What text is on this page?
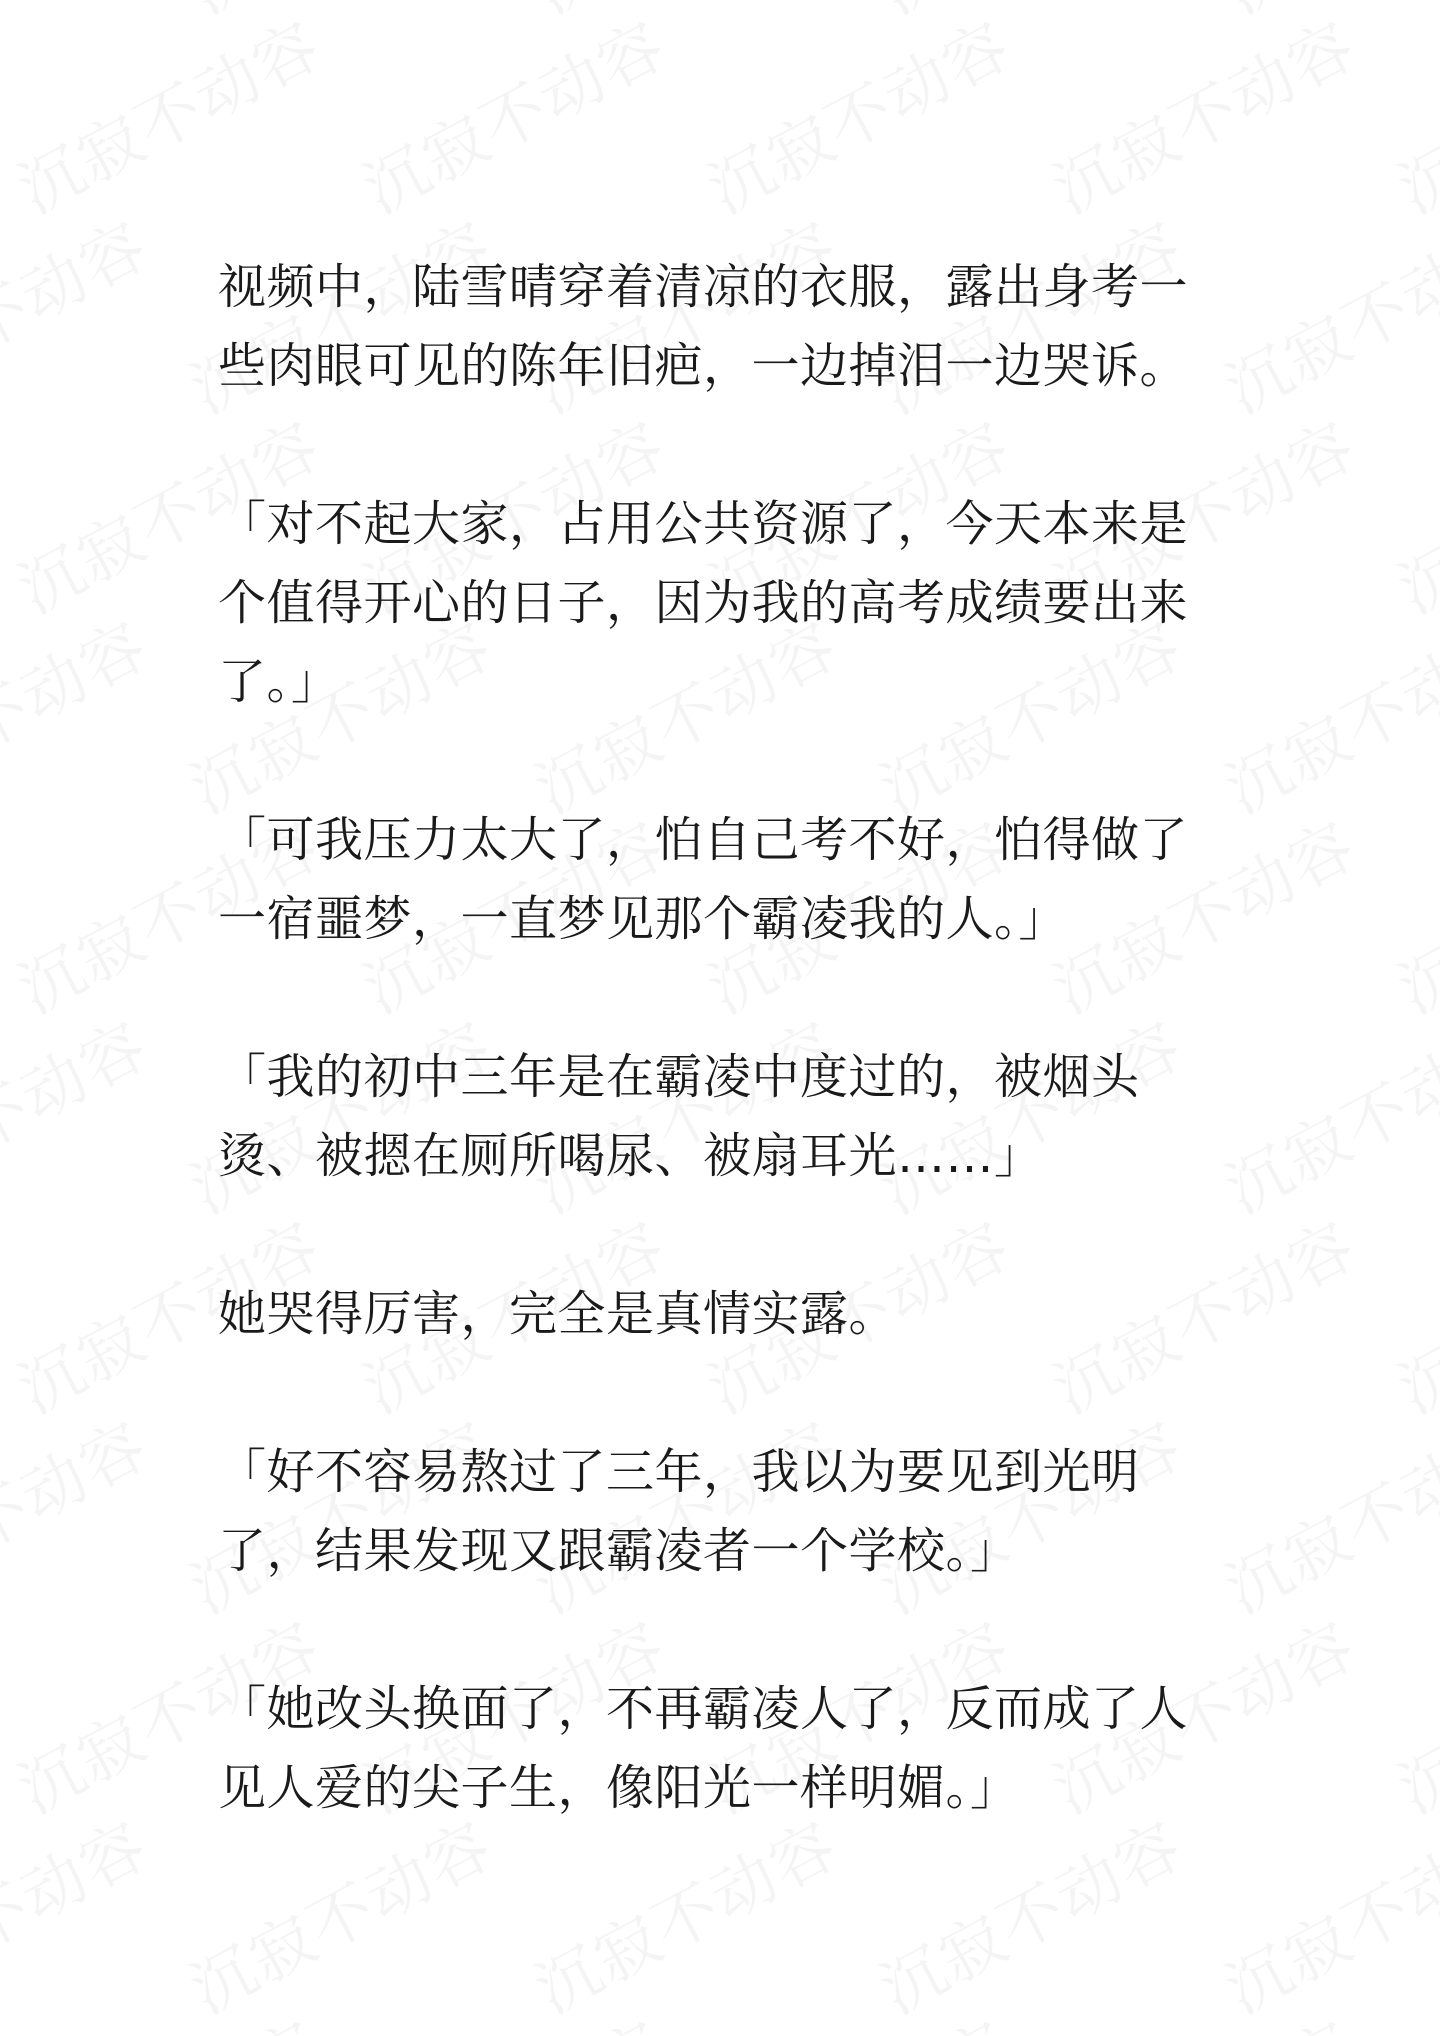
视频中，陆雪晴穿着清凉的衣服，露出身考一些肉眼可见的陈年旧疤，一边掉泪一边哭诉。

「对不起大家，占用公共资源了，今天本来是个值得开心的日子，因为我的高考成绩要出来了。」

「可我压力太大了，怕自己考不好，怕得做了一宿噩梦，一直梦见那个霸凌我的人。」

「我的初中三年是在霸凌中度过的，被烟头烫、被摁在厕所喝尿、被扇耳光……」

她哭得厉害，完全是真情实露。

「好不容易熬过了三年，我以为要见到光明了，结果发现又跟霸凌者一个学校。」

「她改头换面了，不再霸凌人了，反而成了人见人爱的尖子生，像阳光一样明媚。」
